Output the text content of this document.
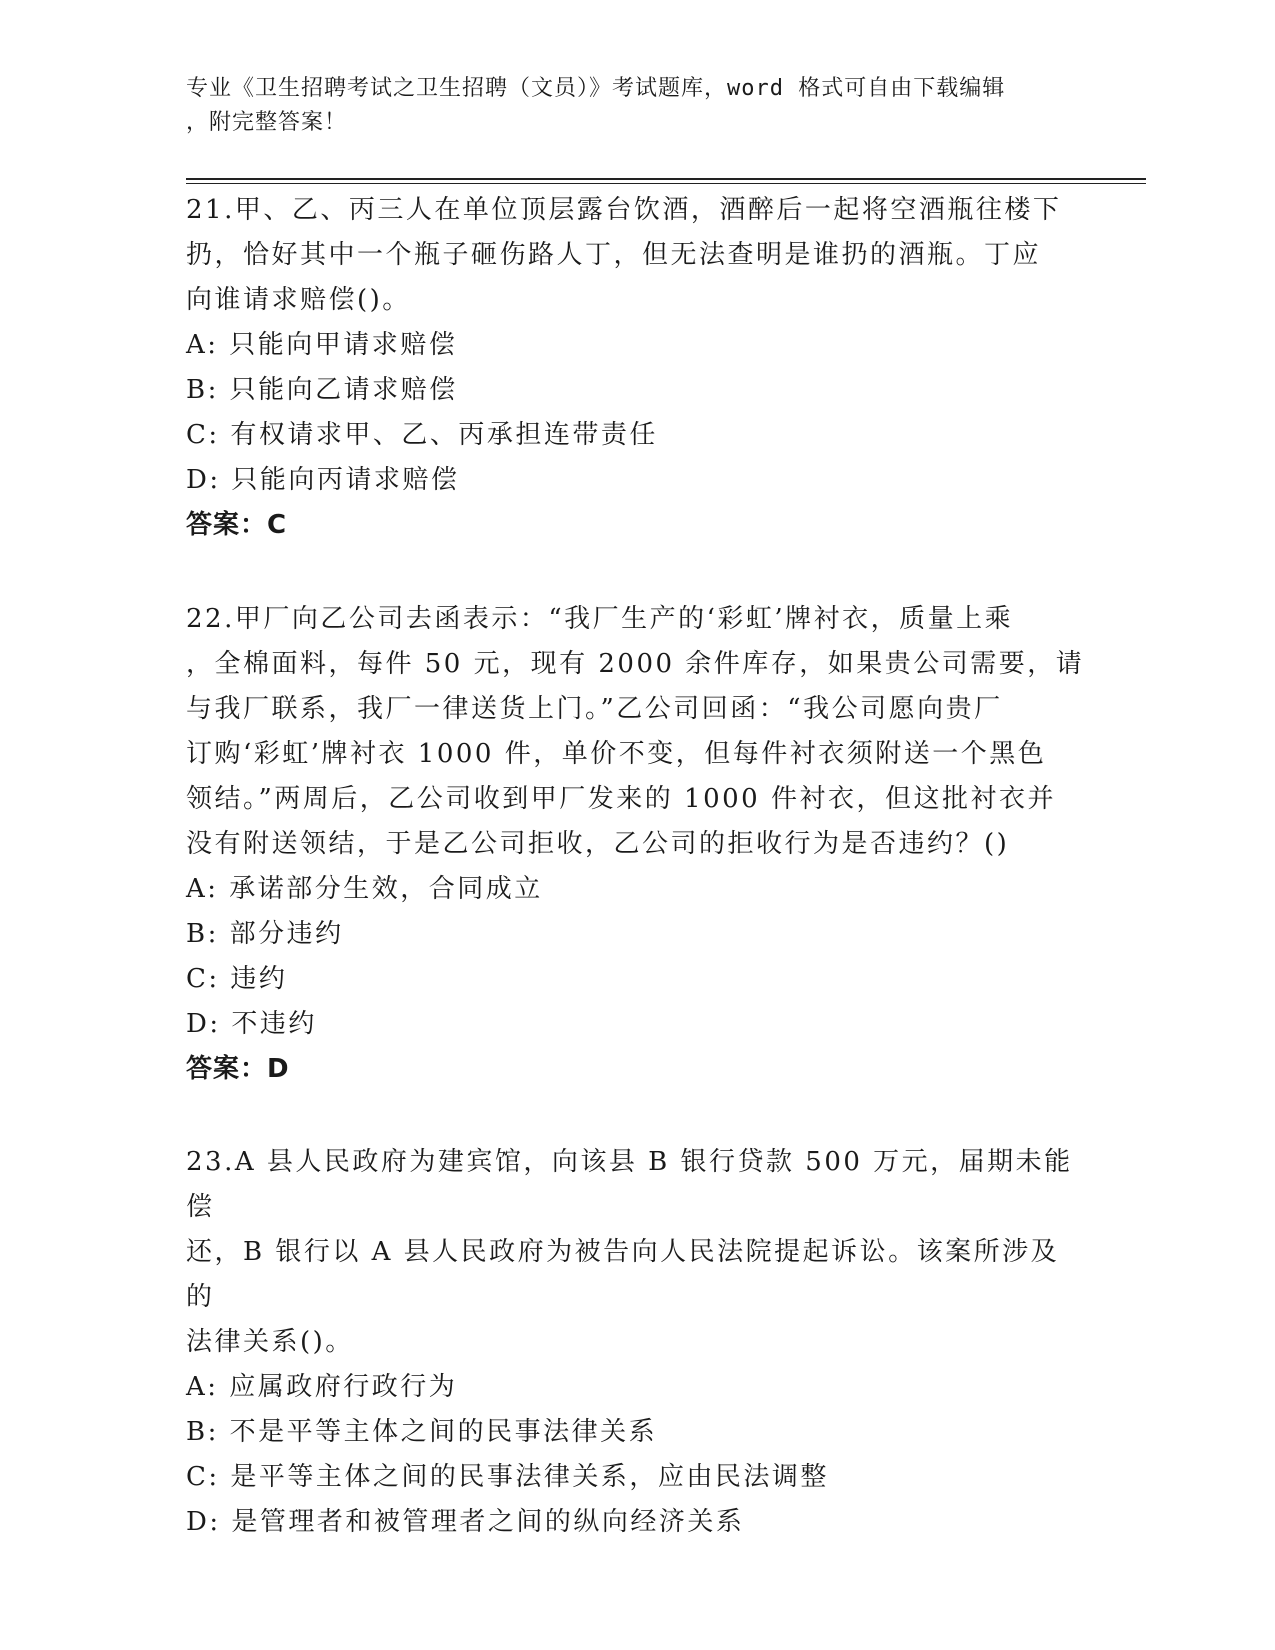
专业《卫生招聘考试之卫生招聘（文员）》考试题库，word 格式可自由下载编辑
，附完整答案！

21.甲、乙、丙三人在单位顶层露台饮酒，酒醉后一起将空酒瓶往楼下

扔，恰好其中一个瓶子砸伤路人丁，但无法查明是谁扔的酒瓶。丁应

向谁请求赔偿()。

A: 只能向甲请求赔偿

B: 只能向乙请求赔偿

C: 有权请求甲、乙、丙承担连带责任

D: 只能向丙请求赔偿

答案：C

22.甲厂向乙公司去函表示：“我厂生产的‘彩虹’牌衬衣，质量上乘

，全棉面料，每件 50 元，现有 2000 余件库存，如果贵公司需要，请

与我厂联系，我厂一律送货上门。”乙公司回函：“我公司愿向贵厂

订购‘彩虹’牌衬衣 1000 件，单价不变，但每件衬衣须附送一个黑色

领结。”两周后，乙公司收到甲厂发来的 1000 件衬衣，但这批衬衣并

没有附送领结，于是乙公司拒收，乙公司的拒收行为是否违约？()

A: 承诺部分生效，合同成立

B: 部分违约

C: 违约

D: 不违约

答案：D

23.A 县人民政府为建宾馆，向该县 B 银行贷款 500 万元，届期未能偿

还，B 银行以 A 县人民政府为被告向人民法院提起诉讼。该案所涉及的

法律关系()。

A: 应属政府行政行为

B: 不是平等主体之间的民事法律关系

C: 是平等主体之间的民事法律关系，应由民法调整

D: 是管理者和被管理者之间的纵向经济关系
